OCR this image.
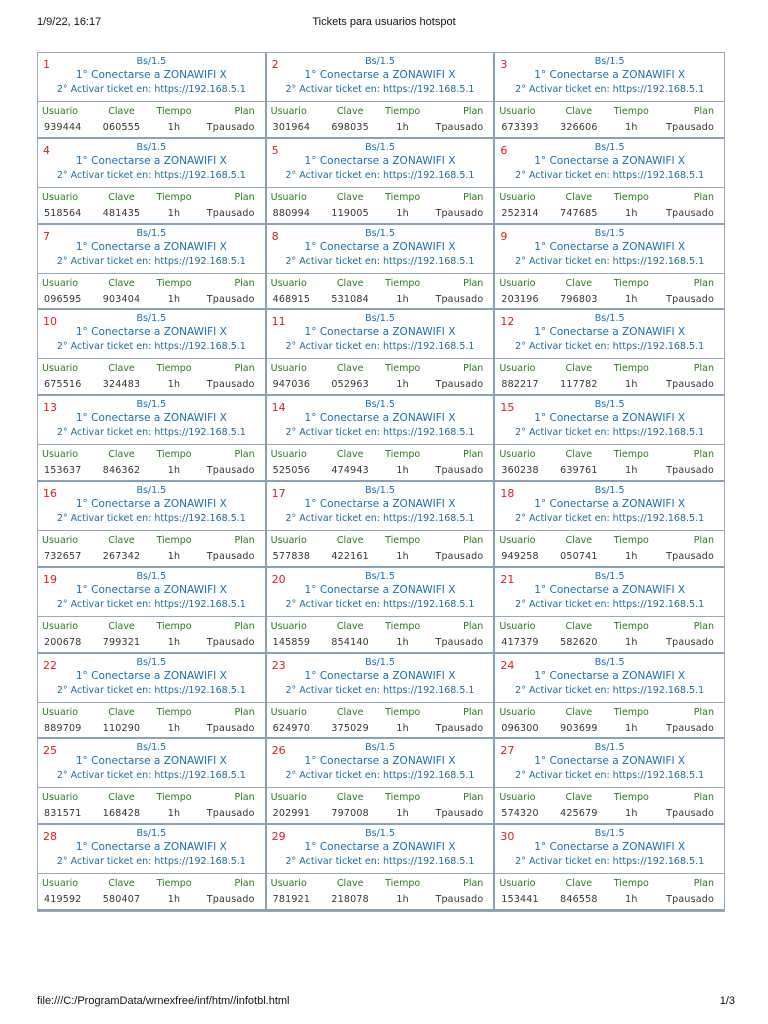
1/9/22, 16:17	Tickets para usuarios hotspot
1	Bs/1.5
1° Conectarse a ZONAWIFI X
2° Activar ticket en: https://192.168.5.1
Usuario	Clave	Tiempo	Plan
939444	060555	1h	Tpausado
2	Bs/1.5
1° Conectarse a ZONAWIFI X
2° Activar ticket en: https://192.168.5.1
Usuario	Clave	Tiempo	Plan
301964	698035	1h	Tpausado
3	Bs/1.5
1° Conectarse a ZONAWIFI X
2° Activar ticket en: https://192.168.5.1
Usuario	Clave	Tiempo	Plan
673393	326606	1h	Tpausado
4	Bs/1.5
1° Conectarse a ZONAWIFI X
2° Activar ticket en: https://192.168.5.1
Usuario	Clave	Tiempo	Plan
518564	481435	1h	Tpausado
5	Bs/1.5
1° Conectarse a ZONAWIFI X
2° Activar ticket en: https://192.168.5.1
Usuario	Clave	Tiempo	Plan
880994	119005	1h	Tpausado
6	Bs/1.5
1° Conectarse a ZONAWIFI X
2° Activar ticket en: https://192.168.5.1
Usuario	Clave	Tiempo	Plan
252314	747685	1h	Tpausado
7	Bs/1.5
1° Conectarse a ZONAWIFI X
2° Activar ticket en: https://192.168.5.1
Usuario	Clave	Tiempo	Plan
096595	903404	1h	Tpausado
8	Bs/1.5
1° Conectarse a ZONAWIFI X
2° Activar ticket en: https://192.168.5.1
Usuario	Clave	Tiempo	Plan
468915	531084	1h	Tpausado
9	Bs/1.5
1° Conectarse a ZONAWIFI X
2° Activar ticket en: https://192.168.5.1
Usuario	Clave	Tiempo	Plan
203196	796803	1h	Tpausado
10	Bs/1.5
1° Conectarse a ZONAWIFI X
2° Activar ticket en: https://192.168.5.1
Usuario	Clave	Tiempo	Plan
675516	324483	1h	Tpausado
11	Bs/1.5
1° Conectarse a ZONAWIFI X
2° Activar ticket en: https://192.168.5.1
Usuario	Clave	Tiempo	Plan
947036	052963	1h	Tpausado
12	Bs/1.5
1° Conectarse a ZONAWIFI X
2° Activar ticket en: https://192.168.5.1
Usuario	Clave	Tiempo	Plan
882217	117782	1h	Tpausado
13	Bs/1.5
1° Conectarse a ZONAWIFI X
2° Activar ticket en: https://192.168.5.1
Usuario	Clave	Tiempo	Plan
153637	846362	1h	Tpausado
14	Bs/1.5
1° Conectarse a ZONAWIFI X
2° Activar ticket en: https://192.168.5.1
Usuario	Clave	Tiempo	Plan
525056	474943	1h	Tpausado
15	Bs/1.5
1° Conectarse a ZONAWIFI X
2° Activar ticket en: https://192.168.5.1
Usuario	Clave	Tiempo	Plan
360238	639761	1h	Tpausado
16	Bs/1.5
1° Conectarse a ZONAWIFI X
2° Activar ticket en: https://192.168.5.1
Usuario	Clave	Tiempo	Plan
732657	267342	1h	Tpausado
17	Bs/1.5
1° Conectarse a ZONAWIFI X
2° Activar ticket en: https://192.168.5.1
Usuario	Clave	Tiempo	Plan
577838	422161	1h	Tpausado
18	Bs/1.5
1° Conectarse a ZONAWIFI X
2° Activar ticket en: https://192.168.5.1
Usuario	Clave	Tiempo	Plan
949258	050741	1h	Tpausado
19	Bs/1.5
1° Conectarse a ZONAWIFI X
2° Activar ticket en: https://192.168.5.1
Usuario	Clave	Tiempo	Plan
200678	799321	1h	Tpausado
20	Bs/1.5
1° Conectarse a ZONAWIFI X
2° Activar ticket en: https://192.168.5.1
Usuario	Clave	Tiempo	Plan
145859	854140	1h	Tpausado
21	Bs/1.5
1° Conectarse a ZONAWIFI X
2° Activar ticket en: https://192.168.5.1
Usuario	Clave	Tiempo	Plan
417379	582620	1h	Tpausado
22	Bs/1.5
1° Conectarse a ZONAWIFI X
2° Activar ticket en: https://192.168.5.1
Usuario	Clave	Tiempo	Plan
889709	110290	1h	Tpausado
23	Bs/1.5
1° Conectarse a ZONAWIFI X
2° Activar ticket en: https://192.168.5.1
Usuario	Clave	Tiempo	Plan
624970	375029	1h	Tpausado
24	Bs/1.5
1° Conectarse a ZONAWIFI X
2° Activar ticket en: https://192.168.5.1
Usuario	Clave	Tiempo	Plan
096300	903699	1h	Tpausado
25	Bs/1.5
1° Conectarse a ZONAWIFI X
2° Activar ticket en: https://192.168.5.1
Usuario	Clave	Tiempo	Plan
831571	168428	1h	Tpausado
26	Bs/1.5
1° Conectarse a ZONAWIFI X
2° Activar ticket en: https://192.168.5.1
Usuario	Clave	Tiempo	Plan
202991	797008	1h	Tpausado
27	Bs/1.5
1° Conectarse a ZONAWIFI X
2° Activar ticket en: https://192.168.5.1
Usuario	Clave	Tiempo	Plan
574320	425679	1h	Tpausado
28	Bs/1.5
1° Conectarse a ZONAWIFI X
2° Activar ticket en: https://192.168.5.1
Usuario	Clave	Tiempo	Plan
419592	580407	1h	Tpausado
29	Bs/1.5
1° Conectarse a ZONAWIFI X
2° Activar ticket en: https://192.168.5.1
Usuario	Clave	Tiempo	Plan
781921	218078	1h	Tpausado
30	Bs/1.5
1° Conectarse a ZONAWIFI X
2° Activar ticket en: https://192.168.5.1
Usuario	Clave	Tiempo	Plan
153441	846558	1h	Tpausado
file:///C:/ProgramData/wrnexfree/inf/htm//infotbl.html	1/3
